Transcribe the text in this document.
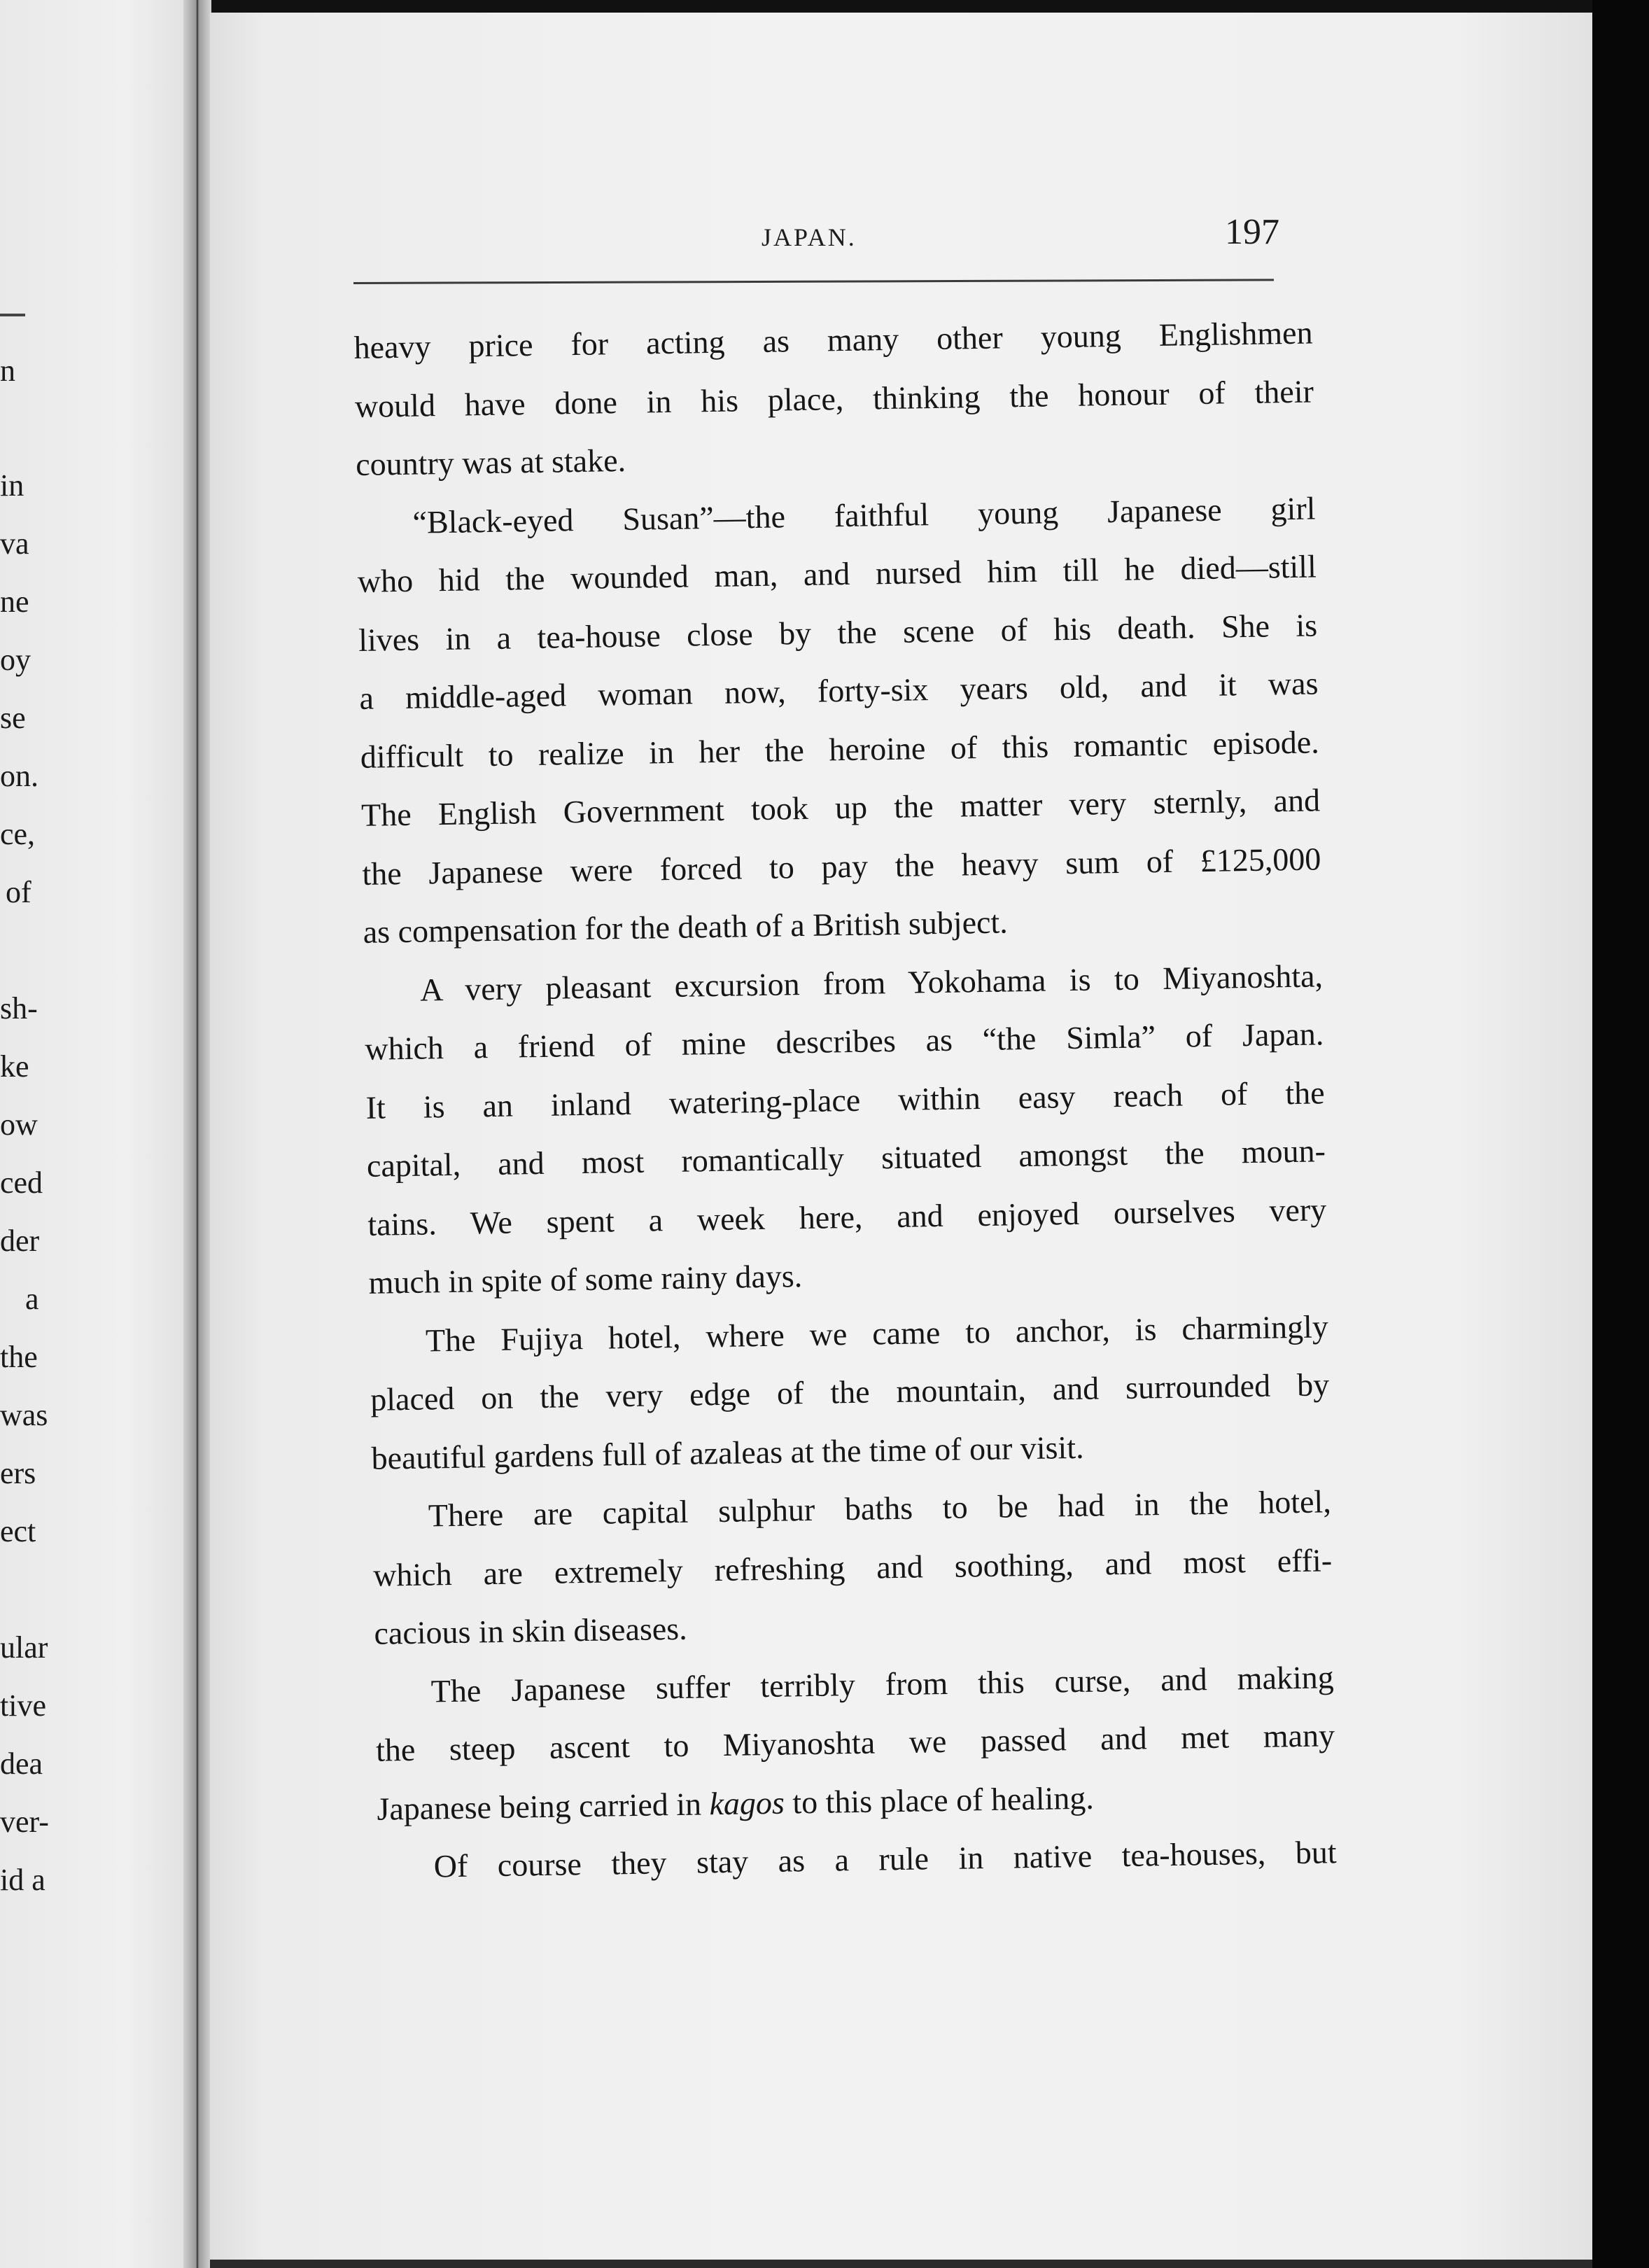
n
in
va
ne
oy
se
on.
ce,
of
sh-
ke
ow
ced
der
a
the
was
ers
ect
ular
tive
dea
ver-
id a
JAPAN.	197
heavy price for acting as many other young Englishmen
would have done in his place, thinking the honour of their
country was at stake.
“Black-eyed Susan”—the faithful young Japanese girl
who hid the wounded man, and nursed him till he died—still
lives in a tea-house close by the scene of his death. She is
a middle-aged woman now, forty-six years old, and it was
difficult to realize in her the heroine of this romantic episode.
The English Government took up the matter very sternly, and
the Japanese were forced to pay the heavy sum of £125,000
as compensation for the death of a British subject.
A very pleasant excursion from Yokohama is to Miyanoshta,
which a friend of mine describes as “the Simla” of Japan.
It is an inland watering-place within easy reach of the
capital, and most romantically situated amongst the moun-
tains. We spent a week here, and enjoyed ourselves very
much in spite of some rainy days.
The Fujiya hotel, where we came to anchor, is charmingly
placed on the very edge of the mountain, and surrounded by
beautiful gardens full of azaleas at the time of our visit.
There are capital sulphur baths to be had in the hotel,
which are extremely refreshing and soothing, and most effi-
cacious in skin diseases.
The Japanese suffer terribly from this curse, and making
the steep ascent to Miyanoshta we passed and met many
Japanese being carried in kagos to this place of healing.
Of course they stay as a rule in native tea-houses, but
